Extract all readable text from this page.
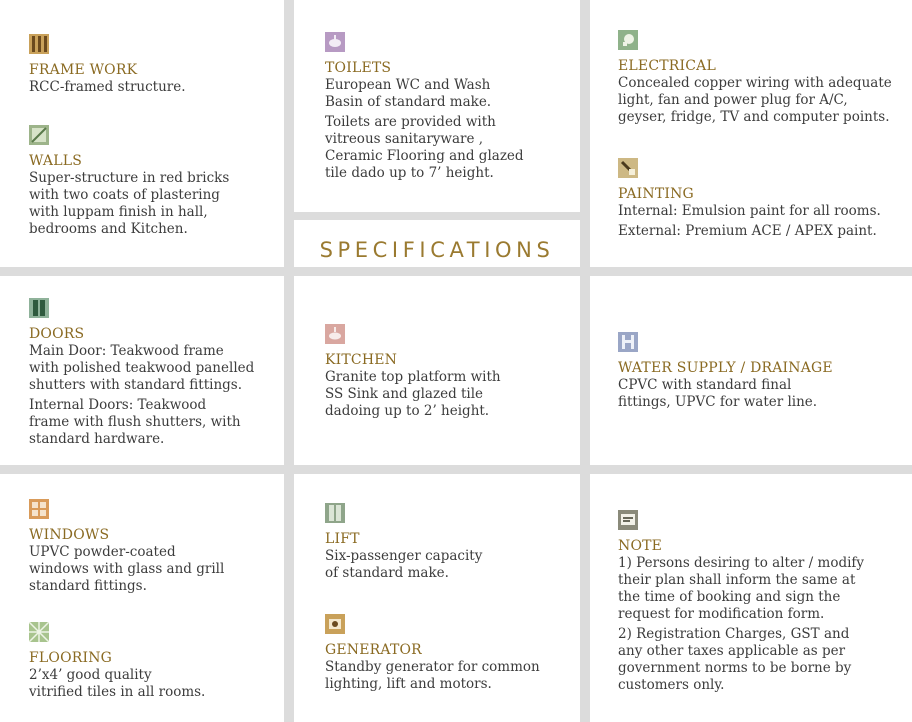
SPECIFICATIONS

FRAME WORK

RCC-framed structure.

WALLS

Super-structure in red bricks
with two coats of plastering
with luppam finish in hall,
bedrooms and Kitchen.

TOILETS

European WC and Wash
Basin of standard make.

Toilets are provided with
vitreous sanitaryware ,
Ceramic Flooring and glazed
tile dado up to 7’ height.

ELECTRICAL

Concealed copper wiring with adequate
light, fan and power plug for A/C,
geyser, fridge, TV and computer points.

PAINTING

Internal: Emulsion paint for all rooms.

External: Premium ACE / APEX paint.

DOORS

Main Door: Teakwood frame
with polished teakwood panelled
shutters with standard fittings.

Internal Doors: Teakwood
frame with flush shutters, with
standard hardware.

KITCHEN

Granite top platform with
SS Sink and glazed tile
dadoing up to 2’ height.

WATER SUPPLY / DRAINAGE

CPVC with standard final
fittings, UPVC for water line.

WINDOWS

UPVC powder-coated
windows with glass and grill
standard fittings.

FLOORING

2’x4’ good quality
vitrified tiles in all rooms.

LIFT

Six-passenger capacity
of standard make.

GENERATOR

Standby generator for common
lighting, lift and motors.

NOTE

1) Persons desiring to alter / modify
their plan shall inform the same at
the time of booking and sign the
request for modification form.

2) Registration Charges, GST and
any other taxes applicable as per
government norms to be borne by
customers only.
